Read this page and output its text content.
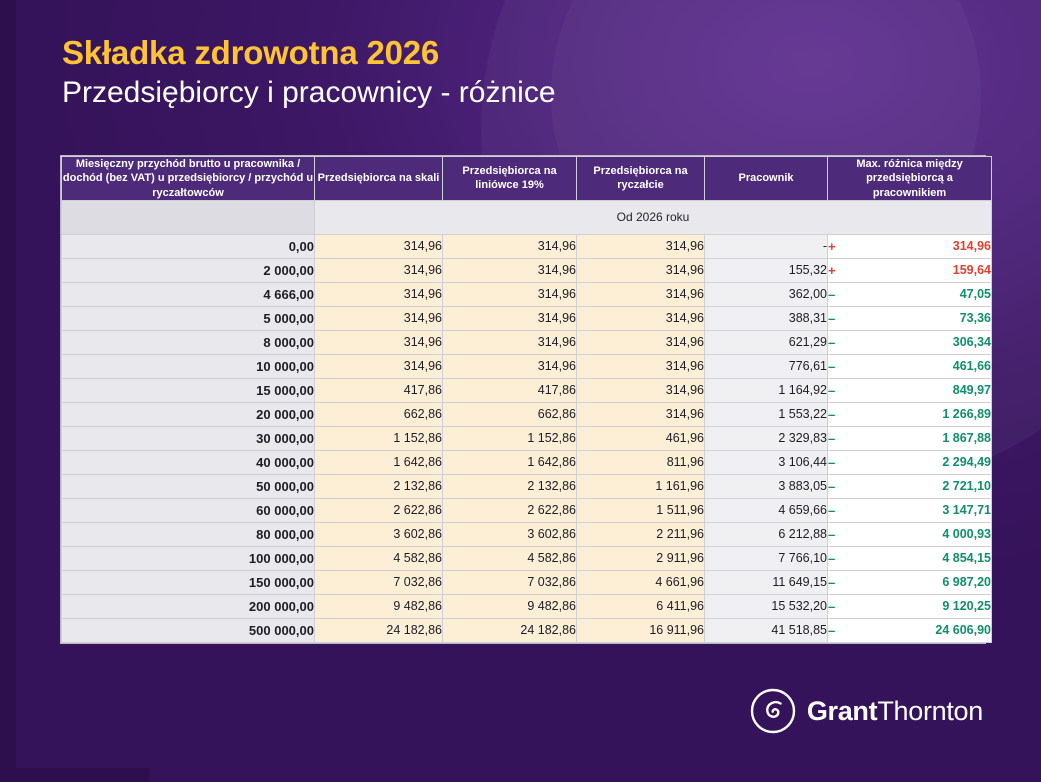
Składka zdrowotna 2026
Przedsiębiorcy i pracownicy - różnice
Miesięczny przychód brutto u pracownika / dochód (bez VAT) u przedsiębiorcy / przychód u ryczałtowców	Przedsiębiorca na skali	Przedsiębiorca na liniówce 19%	Przedsiębiorca na ryczałcie	Pracownik	Max. różnica między przedsiębiorcą a pracownikiem
	Od 2026 roku				
0,00	314,96	314,96	314,96	-	+ 314,96

2 000,00	314,96	314,96	314,96	155,32	+ 159,64

4 666,00	314,96	314,96	314,96	362,00	– 47,05

5 000,00	314,96	314,96	314,96	388,31	– 73,36

8 000,00	314,96	314,96	314,96	621,29	– 306,34

10 000,00	314,96	314,96	314,96	776,61	– 461,66

15 000,00	417,86	417,86	314,96	1 164,92	– 849,97

20 000,00	662,86	662,86	314,96	1 553,22	– 1 266,89

30 000,00	1 152,86	1 152,86	461,96	2 329,83	– 1 867,88

40 000,00	1 642,86	1 642,86	811,96	3 106,44	– 2 294,49

50 000,00	2 132,86	2 132,86	1 161,96	3 883,05	– 2 721,10

60 000,00	2 622,86	2 622,86	1 511,96	4 659,66	– 3 147,71

80 000,00	3 602,86	3 602,86	2 211,96	6 212,88	– 4 000,93

100 000,00	4 582,86	4 582,86	2 911,96	7 766,10	– 4 854,15

150 000,00	7 032,86	7 032,86	4 661,96	11 649,15	– 6 987,20

200 000,00	9 482,86	9 482,86	6 411,96	15 532,20	– 9 120,25

500 000,00	24 182,86	24 182,86	16 911,96	41 518,85	– 24 606,90
GrantThornton
